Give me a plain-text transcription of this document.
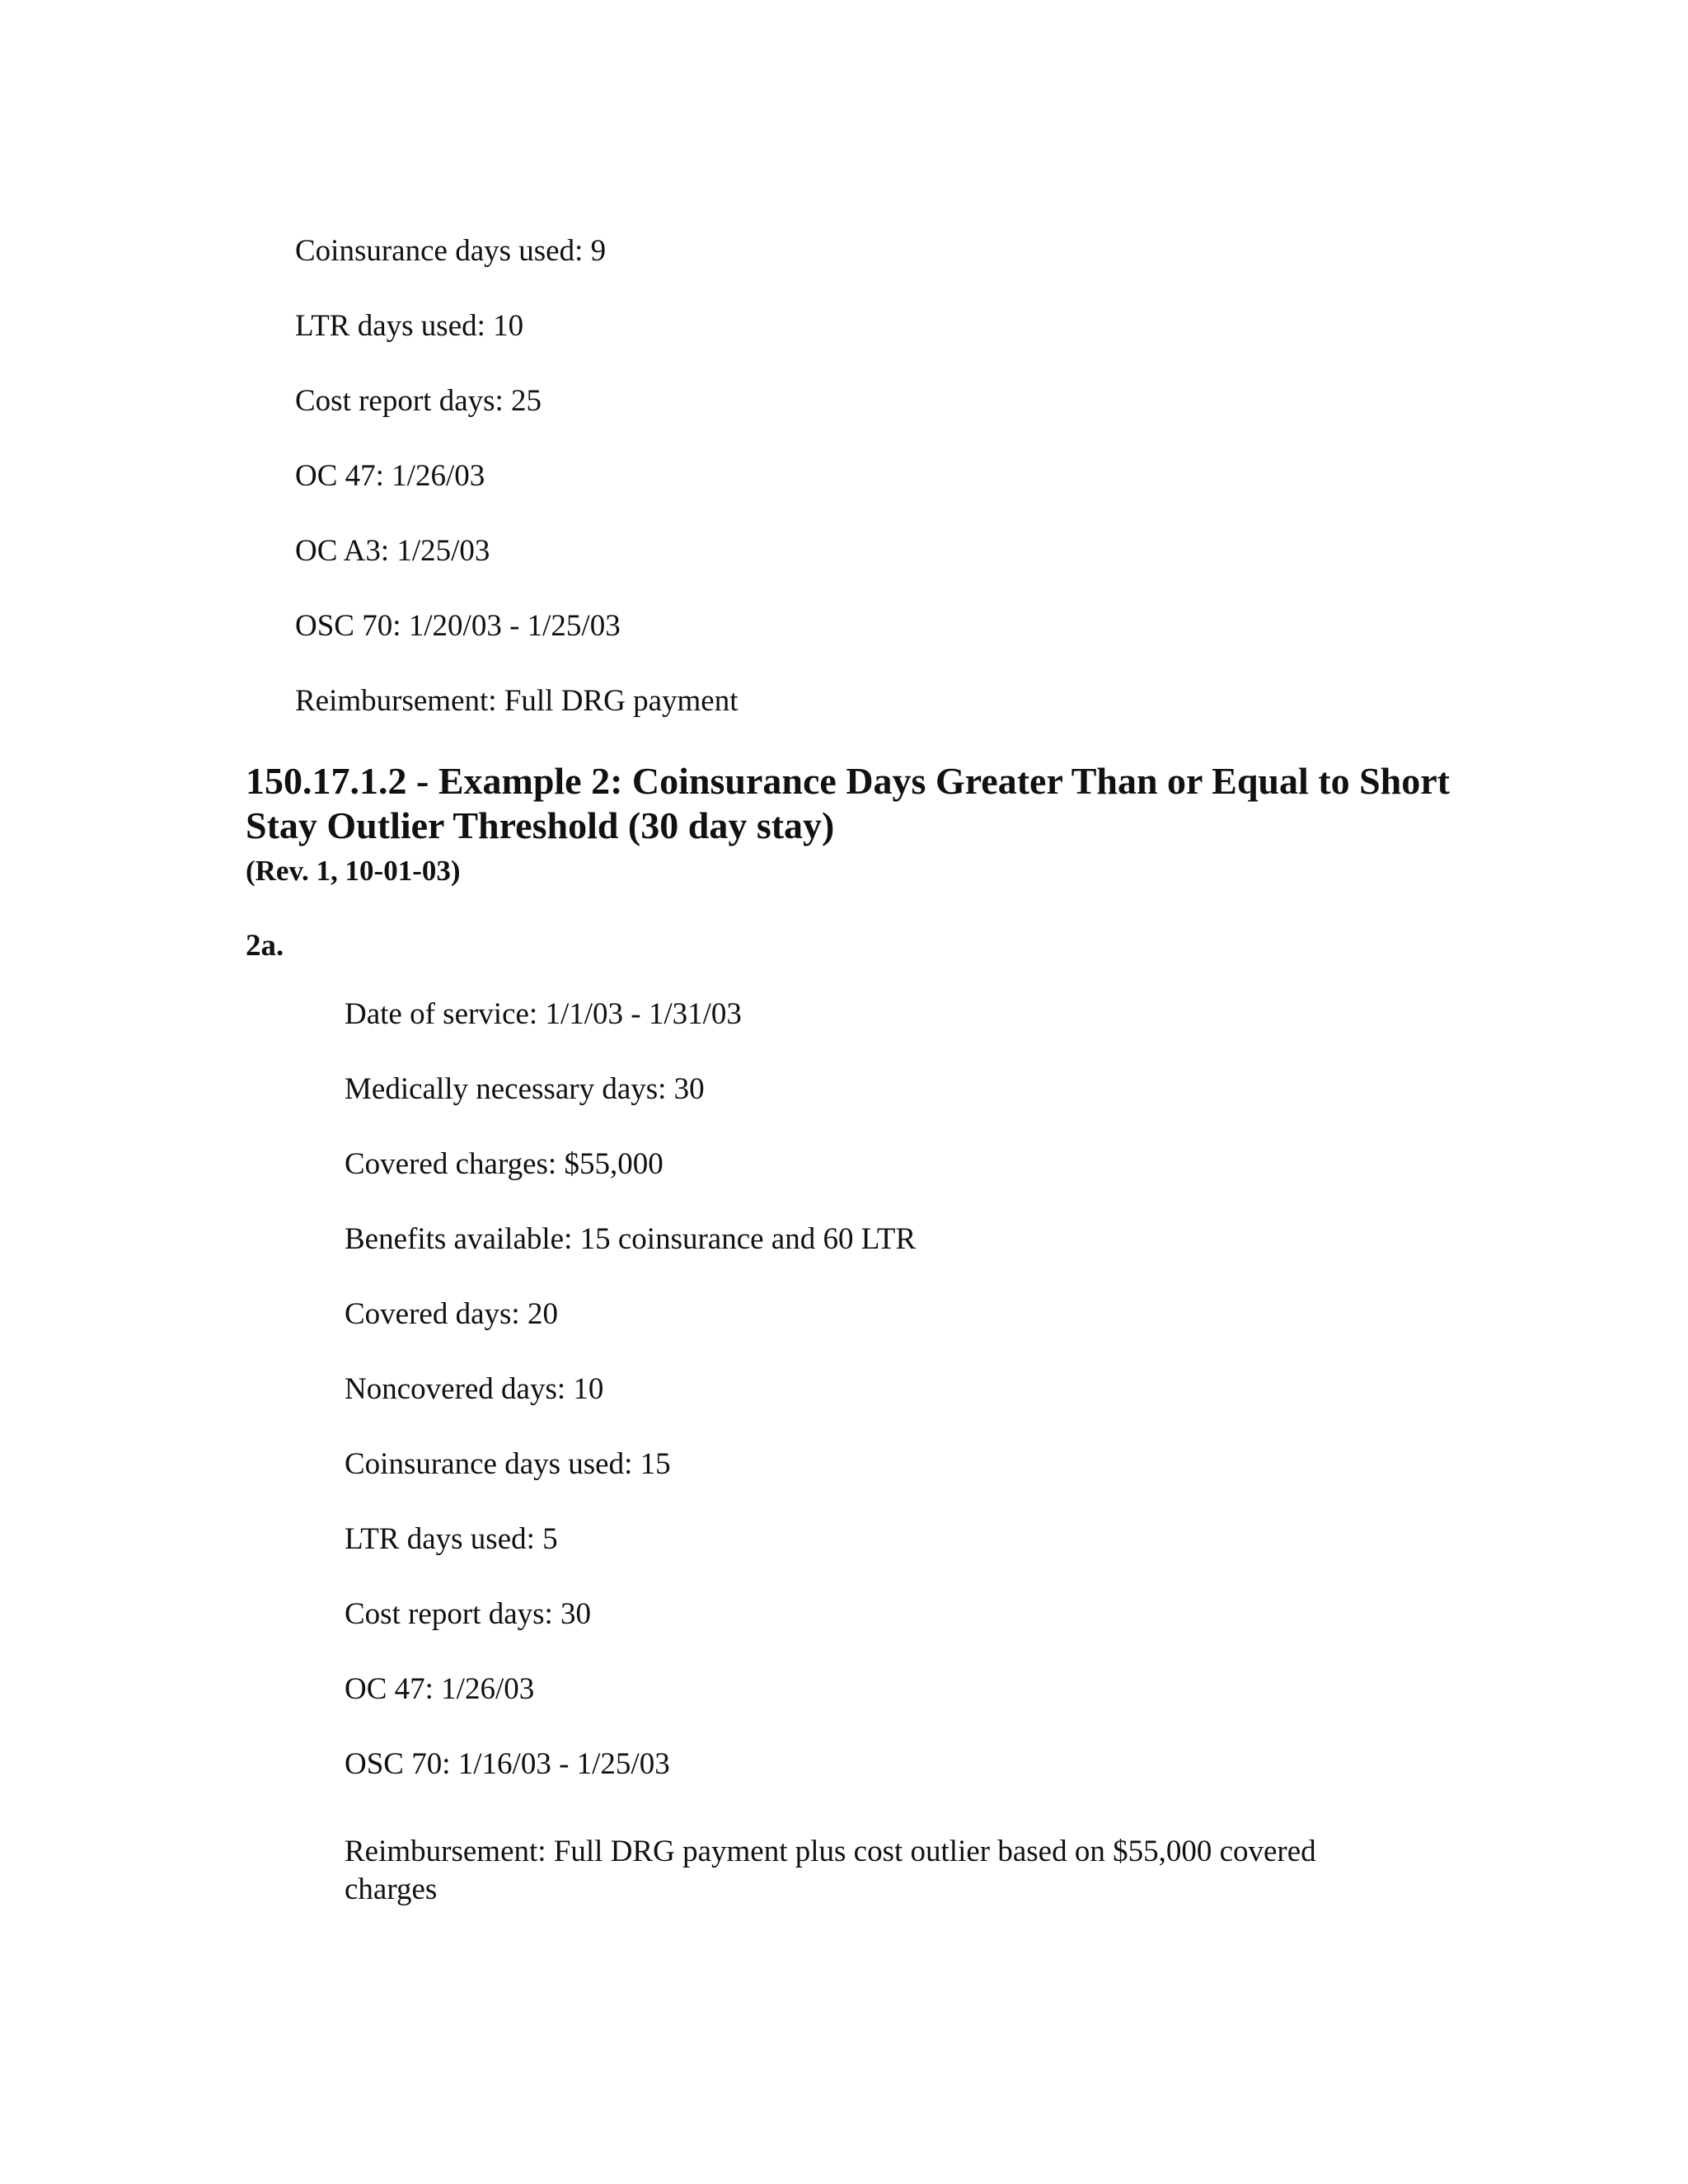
Coinsurance days used: 9
LTR days used: 10
Cost report days: 25
OC 47: 1/26/03
OC A3: 1/25/03
OSC 70: 1/20/03 - 1/25/03
Reimbursement: Full DRG payment
150.17.1.2 - Example 2: Coinsurance Days Greater Than or Equal to Short Stay Outlier Threshold (30 day stay)
(Rev. 1, 10-01-03)
2a.
Date of service: 1/1/03 - 1/31/03
Medically necessary days: 30
Covered charges: $55,000
Benefits available: 15 coinsurance and 60 LTR
Covered days: 20
Noncovered days: 10
Coinsurance days used: 15
LTR days used: 5
Cost report days: 30
OC 47: 1/26/03
OSC 70: 1/16/03 - 1/25/03
Reimbursement: Full DRG payment plus cost outlier based on $55,000 covered charges
